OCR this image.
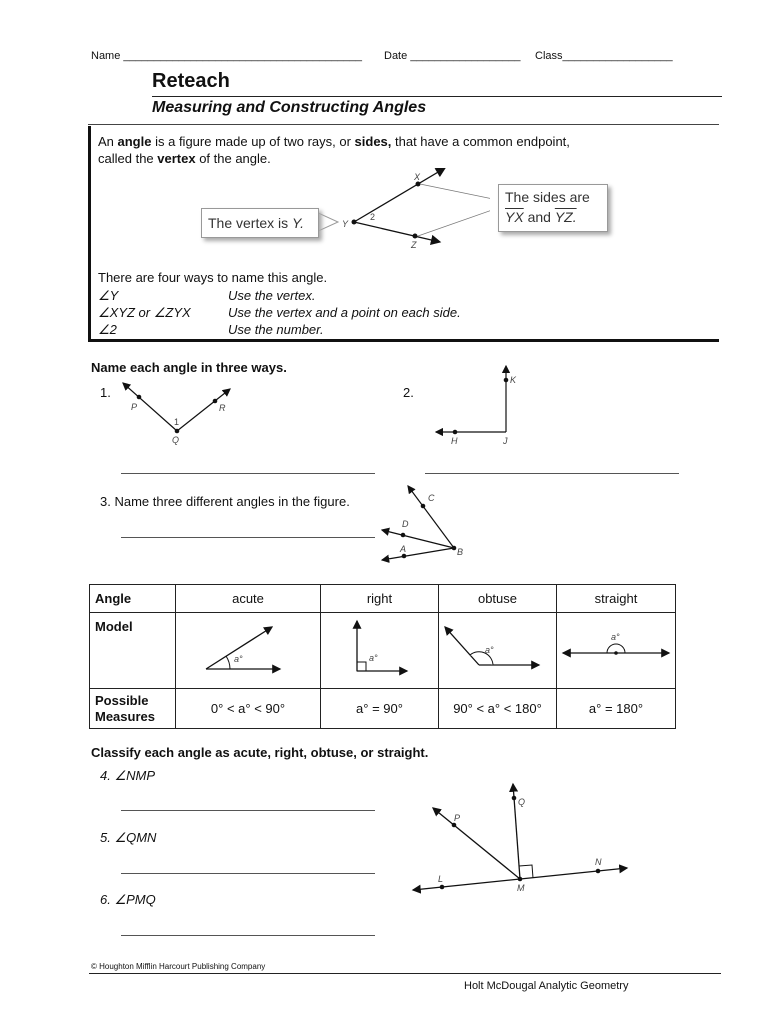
Name _______________________________________ Date __________________ Class__________________
Reteach
Measuring and Constructing Angles
An angle is a figure made up of two rays, or sides, that have a common endpoint,
called the vertex of the angle.
X
Y
Z
2
The vertex is Y.
The sides are
$\overline{YX}$ and YZ.
There are four ways to name this angle.
∠Y	Use the vertex.
∠XYZ or ∠ZYX	Use the vertex and a point on each side.
∠2	Use the number.
Name each angle in three ways.
1.	2.
P	R
Q
1
K
H	J
3. Name three different angles in the figure.	C
D
A	B
Angle	acute	right	obtuse	straight
Model	a°	a°	a°	a°

Possible
Measures	0° < a° < 90°	a° = 90°	90° < a° < 180°	a° = 180°
Classify each angle as acute, right, obtuse, or straight.
4. ∠NMP
5. ∠QMN
6. ∠PMQ
Q
P
N
L
M
© Houghton Mifflin Harcourt Publishing Company
Holt McDougal Analytic Geometry
